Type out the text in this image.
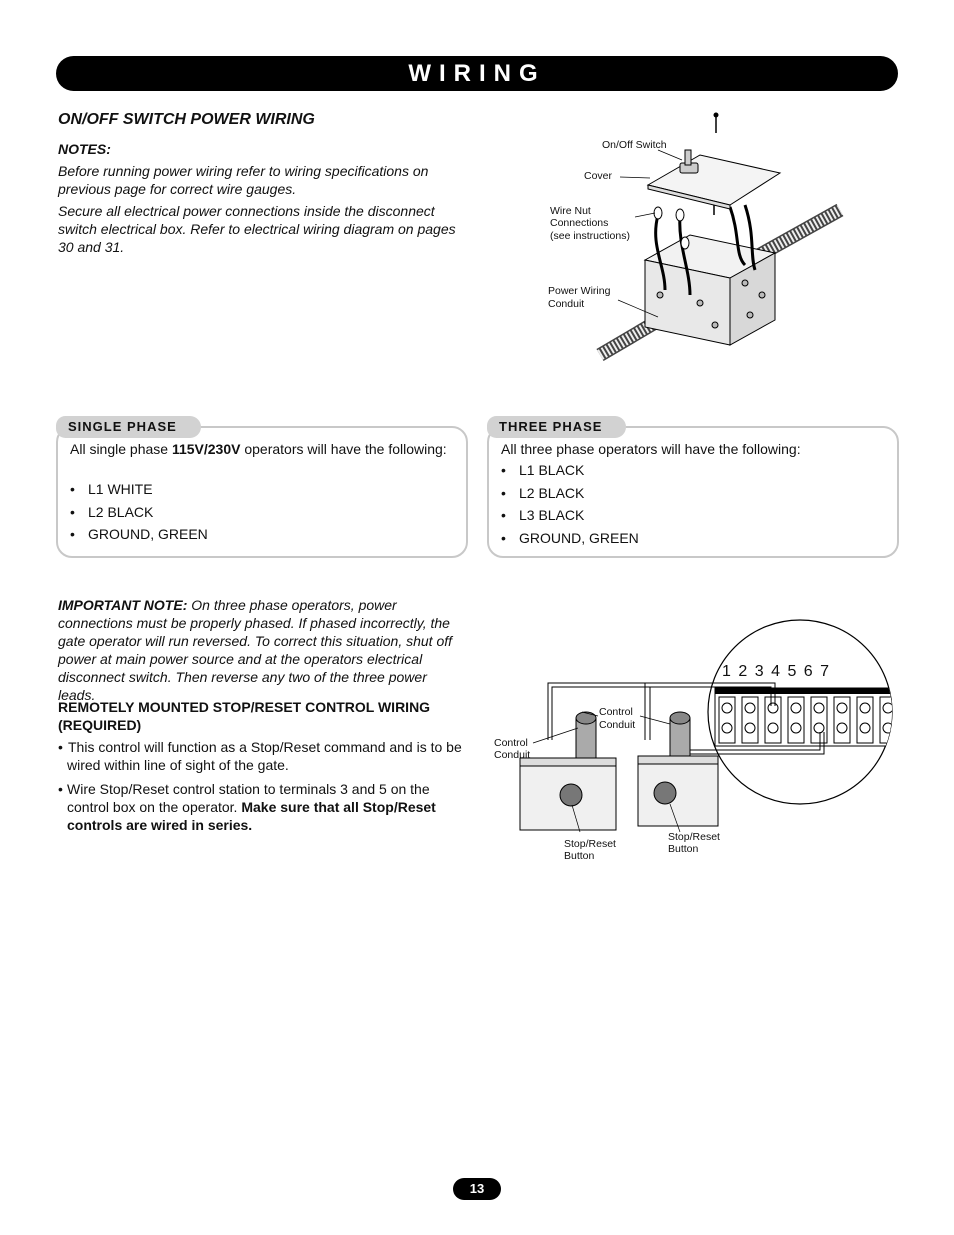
WIRING
ON/OFF SWITCH POWER WIRING

NOTES:

Before running power wiring refer to wiring specifications on previous page for correct wire gauges.

Secure all electrical power connections inside the disconnect switch electrical box. Refer to electrical wiring diagram on pages 30 and 31.

On/Off Switch
Cover
Wire Nut
Connections
(see instructions)
Power Wiring
Conduit
SINGLE PHASE
All single phase 115V/230V operators will have the following:
• L1 WHITE
• L2 BLACK
• GROUND, GREEN
THREE PHASE
All three phase operators will have the following:
• L1 BLACK
• L2 BLACK
• L3 BLACK
• GROUND, GREEN
IMPORTANT NOTE: On three phase operators, power connections must be properly phased. If phased incorrectly, the gate operator will run reversed. To correct this situation, shut off power at main power source and at the operators electrical disconnect switch. Then reverse any two of the three power leads.
REMOTELY MOUNTED STOP/RESET CONTROL WIRING (REQUIRED)
• This control will function as a Stop/Reset command and is to be wired within line of sight of the gate.
• Wire Stop/Reset control station to terminals 3 and 5 on the control box on the operator. Make sure that all Stop/Reset controls are wired in series.
1 2 3 4 5 6 7
Control
Conduit
Control
Conduit
Stop/Reset
Button
Stop/Reset
Button
13
